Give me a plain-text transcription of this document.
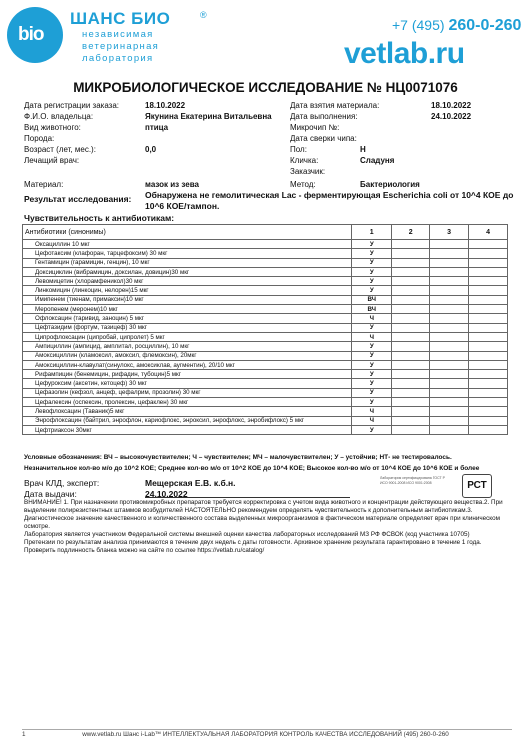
bio
ШАНС БИО	®
независимая
ветеринарная
лаборатория
+7 (495) 260-0-260
vetlab.ru
МИКРОБИОЛОГИЧЕСКОЕ ИССЛЕДОВАНИЕ № НЦ0071076
Дата регистрации заказа:	18.10.2022
Ф.И.О. владельца:	Якунина Екатерина Витальевна
Вид животного:	птица
Порода:
Возраст (лет, мес.):	0,0
Лечащий врач:
Дата взятия материала:	18.10.2022
Дата выполнения:	24.10.2022
Микрочип №:
Дата сверки чипа:
Пол:	Н
Кличка:	Сладуня
Заказчик:
Материал:	мазок из зева	Метод:	Бактериология
Результат исследования: Обнаружена не гемолитическая Lac - ферментирующая Escherichia coli от 10^4 КОЕ до 10^6 КОЕ/тампон.
Чувствительность к антибиотикам:
Антибиотики (синонимы)	1	2	3	4
Оксациллин 10 мкг	У			
Цефотаксим (клафоран, тарцефоксим) 30 мкг	У			
Гентамицин (гарамицин, генцин), 10 мкг	У			
Доксициклин (вибрамицин, доксилан, довицин)30 мкг	У			
Левомицетин (хлорамфеникол)30 мкг	У			
Линкомицин (линкоцин, нелорен)15 мкг	У			
Имипенем (тиенам, примаксин)10 мкг	ВЧ			
Меропенем (меронем)10 мкг	ВЧ			
Офлоксацин (таривид, заноцин) 5 мкг	Ч			
Цефтазидим (фортум, тазицеф) 30 мкг	У			
Ципрофлоксацин (ципробай, ципролет) 5 мкг	Ч			
Ампициллин (ампицид, амплитал, росциллин), 10 мкг	У			
Амоксициллин (кламоксил, амоксил, флемоксин), 20мкг	У			
Амоксициллин-клавулат(синулокс, амоксиклав, аугментин), 20/10 мкг	У			
Рифампицин (бенемицин, рифадин, тубоцин)5 мкг	У			
Цефуроксим (аксетин, кетоцеф) 30 мкг	У			
Цефазолин (кефзол, анцеф, цефалрим, прозолин) 30 мкг	У			
Цефалексин (оспексин, пролексин, цефаклен) 30 мкг	У			
Левофлоксацин (Таваник)5 мкг	Ч			
Энрофлоксацин (байтрил, энрофлон, кариофлокс, энроксил, энрофлокс, энробифлокс) 5 мкг	Ч			
Цефтриаксон 30мкг	У			
Условные обозначения: ВЧ – высокочувствителен; Ч – чувствителен; МЧ – малочувствителен; У – устойчив; НТ- не тестировалось.
Незначительное кол-во м/о до 10^2 КОЕ; Среднее кол-во м/о от 10^2 КОЕ до 10^4 КОЕ; Высокое кол-во м/о от 10^4 КОЕ до 10^6 КОЕ и более
Врач КЛД, эксперт:	Мещерская Е.В. к.б.н.
Дата выдачи:	24.10.2022
Лаборатория сертифицирована ГОСТ Р ИСО 9001-2008 ИСО 9001:2008	РСТ
ВНИМАНИЕ! 1. При назначении противомикробных препаратов требуется корректировка с учетом вида животного и концентрации действующего вещества.2. При выделении полирезистентных штаммов возбудителей НАСТОЯТЕЛЬНО рекомендуем определять чувствительность к дополнительным антибиотикам.3. Диагностическое значение качественного и количественного состава выделенных микроорганизмов в фактическом материале определяет врач при клиническом осмотре.
Лаборатория является участником Федеральной системы внешней оценки качества лабораторных исследований МЗ РФ ФСВОК (код участника 10705)
Претензии по результатам анализа принимаются в течение двух недель с даты готовности. Архивное хранение результата гарантировано в течение 1 года.
Проверить подлинность бланка можно на сайте по ссылке https://vetlab.ru/catalog/
1	www.vetlab.ru Шанс i-Lab™ ИНТЕЛЛЕКТУАЛЬНАЯ ЛАБОРАТОРИЯ КОНТРОЛЬ КАЧЕСТВА ИССЛЕДОВАНИЙ (495) 260-0-260
